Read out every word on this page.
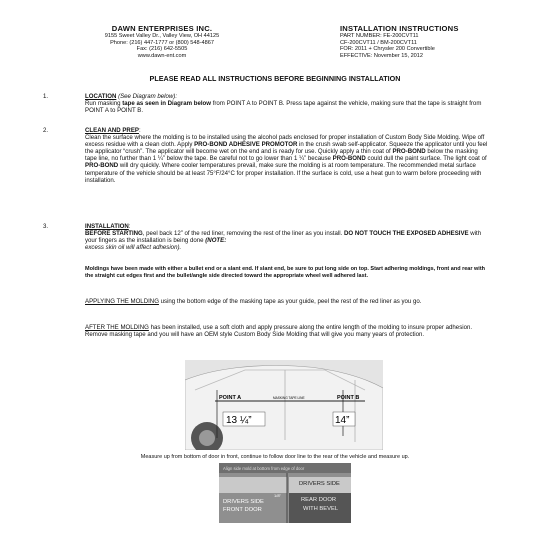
DAWN ENTERPRISES INC.
9155 Sweet Valley Dr., Valley View, OH 44125
Phone: (216) 447-1777 or (800) 548-4867
Fax: (216) 642-5505
www.dawn-ent.com
INSTALLATION INSTRUCTIONS
PART NUMBER: FE-200CVT11
CF-200CVT11 / BM-200CVT11
FOR: 2011 + Chrysler 200 Convertible
EFFECTIVE: November 15, 2012
PLEASE READ ALL INSTRUCTIONS BEFORE BEGINNING INSTALLATION
1.	LOCATION (See Diagram below):
Run masking tape as seen in Diagram below from POINT A to POINT B. Press tape against the vehicle, making sure that the tape is straight from POINT A to POINT B.
2.	CLEAN AND PREP:
Clean the surface where the molding is to be installed using the alcohol pads enclosed for proper installation of Custom Body Side Molding. Wipe off excess residue with a clean cloth. Apply PRO-BOND ADHESIVE PROMOTOR in the crush swab self-applicator. Squeeze the applicator until you feel the applicator “crush”. The applicator will become wet on the end and is ready for use. Quickly apply a thin coat of PRO-BOND below the masking tape line, no further than 1 ¼” below the tape. Be careful not to go lower than 1 ¼” because PRO-BOND could dull the paint surface. The light coat of PRO-BOND will dry quickly. Where cooler temperatures prevail, make sure the molding is at room temperature. The recommended metal surface temperature of the vehicle should be at least 75°F/24°C for proper installation. If the surface is cold, use a heat gun to warm before proceeding with installation.
3.	INSTALLATION:
BEFORE STARTING, peel back 12” of the red liner, removing the rest of the liner as you install. DO NOT TOUCH THE EXPOSED ADHESIVE with your fingers as the installation is being done (NOTE:
excess skin oil will affect adhesion).
Moldings have been made with either a bullet end or a slant end. If slant end, be sure to put long side on top. Start adhering moldings, front and rear with the straight cut edges first and the bullet/angle side directed toward the appropriate wheel well adhered last.
APPLYING THE MOLDING using the bottom edge of the masking tape as your guide, peel the rest of the red liner as you go.
AFTER THE MOLDING has been installed, use a soft cloth and apply pressure along the entire length of the molding to insure proper adhesion. Remove masking tape and you will have an OEM style Custom Body Side Molding that will give you many years of protection.
POINT A	POINT B
MASKING TAPE LINE
13 ¼”	14”
Measure up from bottom of door in front, continue to follow door line to the rear of the vehicle and measure up.
Align side mold at bottom from edge of door
DRIVERS SIDE
FRONT DOOR
1/8”
DRIVERS SIDE
REAR DOOR
WITH BEVEL
